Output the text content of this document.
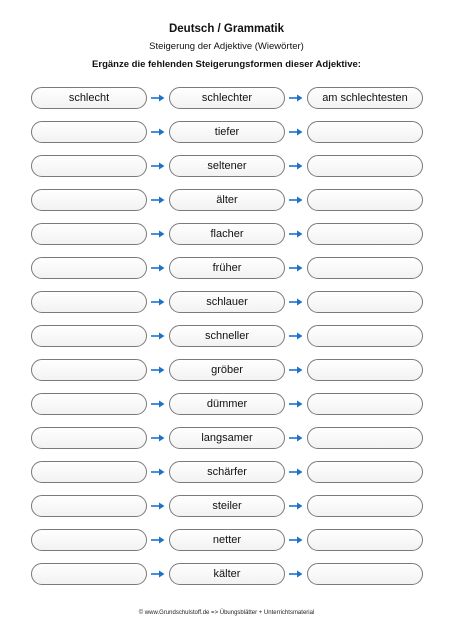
Deutsch / Grammatik
Steigerung der Adjektive (Wiewörter)
Ergänze die fehlenden Steigerungsformen dieser Adjektive:
schlecht	schlechter	am schlechtesten
tiefer
seltener
älter
flacher
früher
schlauer
schneller
gröber
dümmer
langsamer
schärfer
steiler
netter
kälter
© www.Grundschulstoff.de => Übungsblätter + Unterrichtsmaterial
